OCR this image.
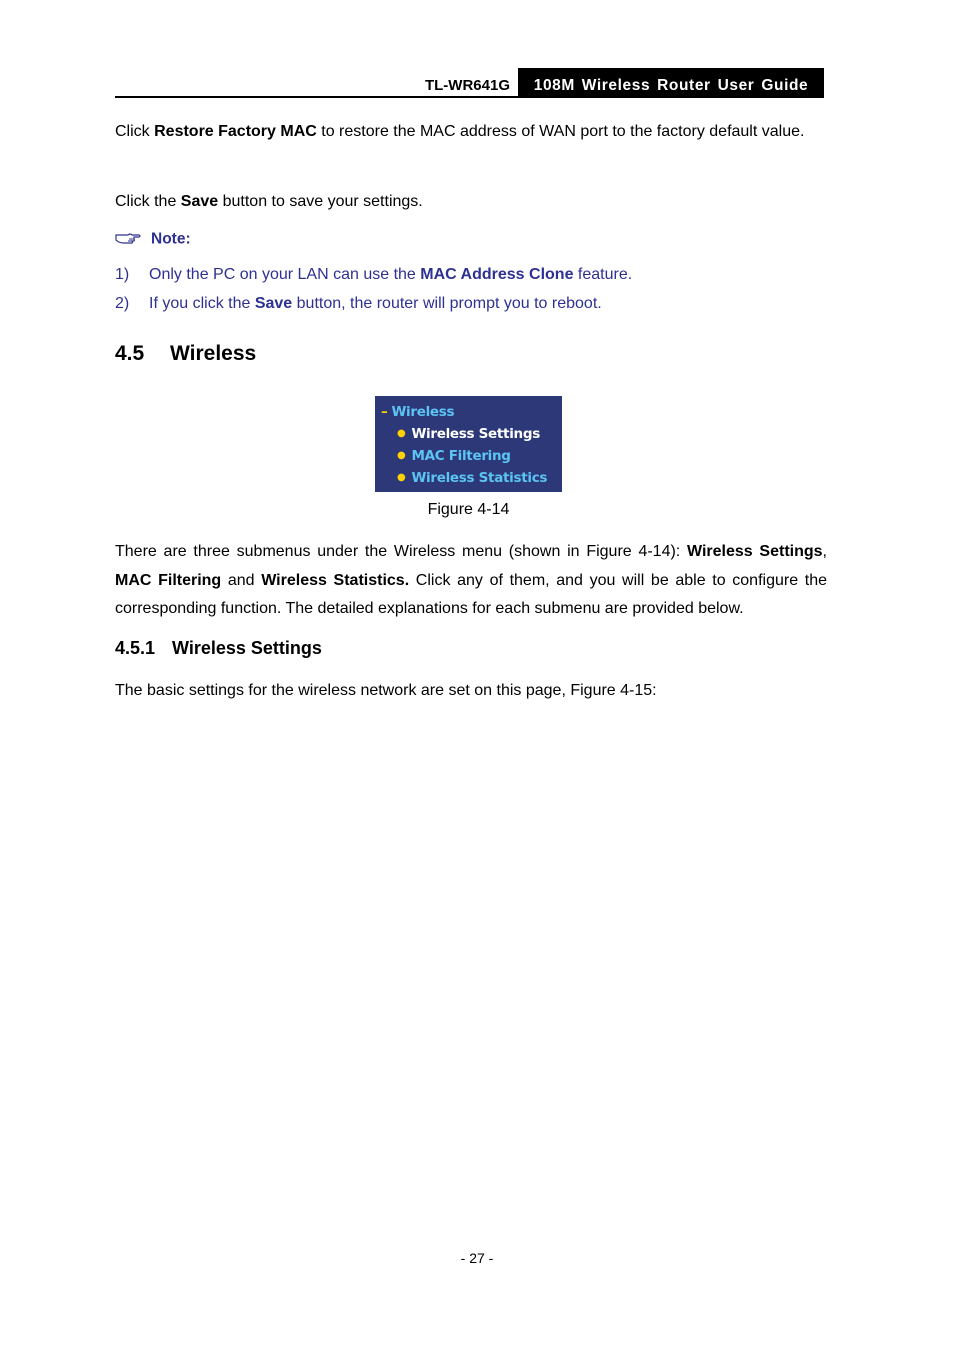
TL-WR641G	108M Wireless Router User Guide

Click Restore Factory MAC to restore the MAC address of WAN port to the factory default value.

Click the Save button to save your settings.

Note:
1) Only the PC on your LAN can use the MAC Address Clone feature.
2) If you click the Save button, the router will prompt you to reboot.
4.5 Wireless
– Wireless
● Wireless Settings
● MAC Filtering
● Wireless Statistics
Figure 4-14

There are three submenus under the Wireless menu (shown in Figure 4-14): Wireless Settings, MAC Filtering and Wireless Statistics. Click any of them, and you will be able to configure the corresponding function. The detailed explanations for each submenu are provided below.

4.5.1 Wireless Settings

The basic settings for the wireless network are set on this page, Figure 4-15:

- 27 -
